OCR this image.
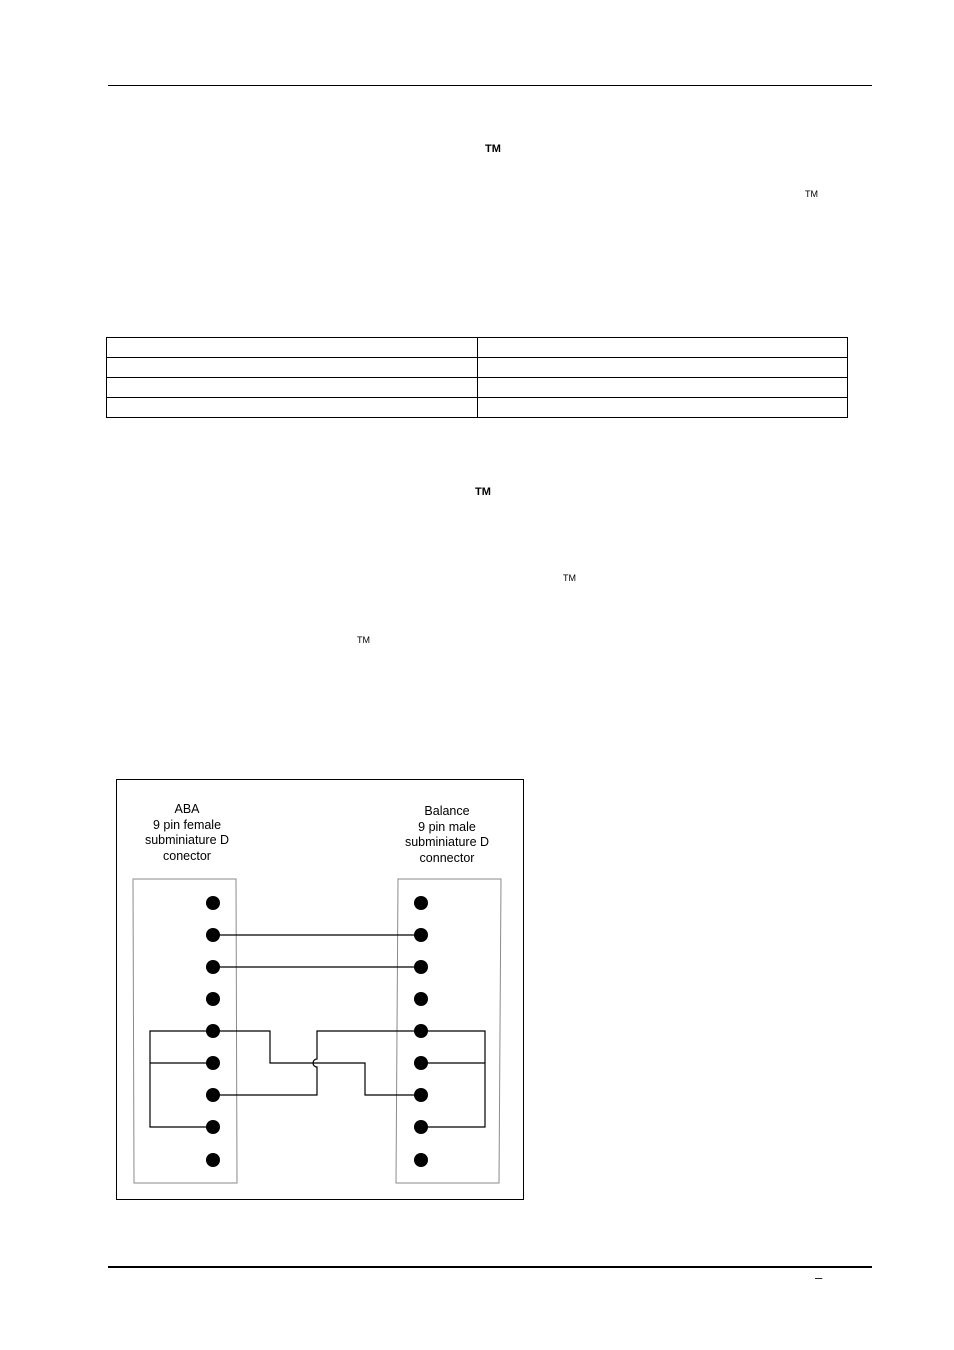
TM
TM

TM
TM
TM
ABA
9 pin female
subminiature D
conector
Balance
9 pin male
subminiature D
connector
–
